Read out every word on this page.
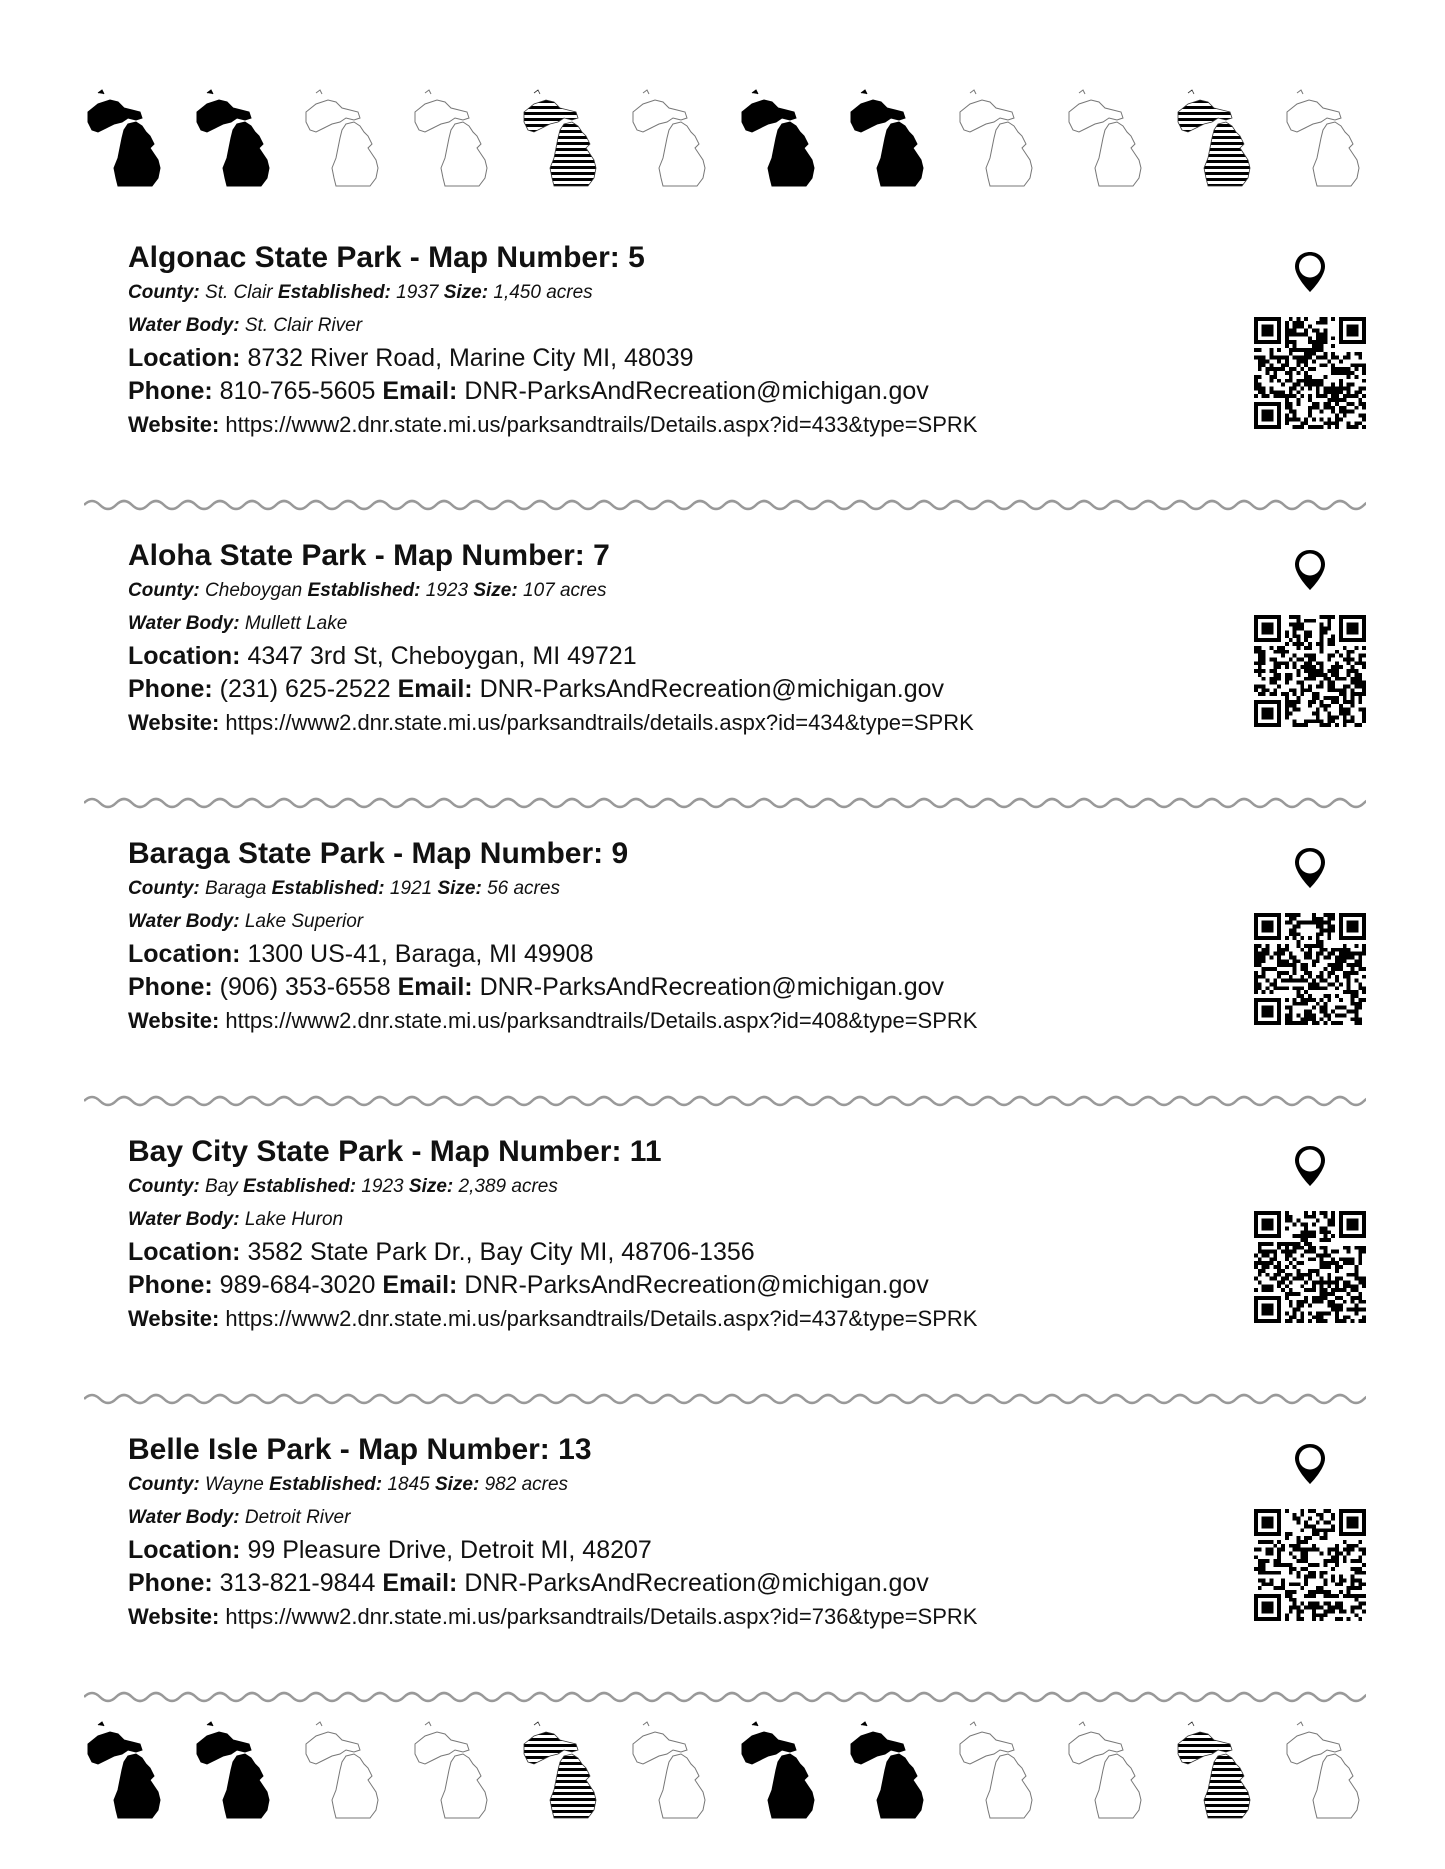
Algonac State Park - Map Number: 5
County: St. Clair Established: 1937 Size: 1,450 acres
Water Body: St. Clair River
Location: 8732 River Road, Marine City MI, 48039
Phone: 810-765-5605 Email: DNR-ParksAndRecreation@michigan.gov
Website: https://www2.dnr.state.mi.us/parksandtrails/Details.aspx?id=433&type=SPRK
Aloha State Park - Map Number: 7
County: Cheboygan Established: 1923 Size: 107 acres
Water Body: Mullett Lake
Location: 4347 3rd St, Cheboygan, MI 49721
Phone: (231) 625-2522 Email: DNR-ParksAndRecreation@michigan.gov
Website: https://www2.dnr.state.mi.us/parksandtrails/details.aspx?id=434&type=SPRK
Baraga State Park - Map Number: 9
County: Baraga Established: 1921 Size: 56 acres
Water Body: Lake Superior
Location: 1300 US-41, Baraga, MI 49908
Phone: (906) 353-6558 Email: DNR-ParksAndRecreation@michigan.gov
Website: https://www2.dnr.state.mi.us/parksandtrails/Details.aspx?id=408&type=SPRK
Bay City State Park - Map Number: 11
County: Bay Established: 1923 Size: 2,389 acres
Water Body: Lake Huron
Location: 3582 State Park Dr., Bay City MI, 48706-1356
Phone: 989-684-3020 Email: DNR-ParksAndRecreation@michigan.gov
Website: https://www2.dnr.state.mi.us/parksandtrails/Details.aspx?id=437&type=SPRK
Belle Isle Park - Map Number: 13
County: Wayne Established: 1845 Size: 982 acres
Water Body: Detroit River
Location: 99 Pleasure Drive, Detroit MI, 48207
Phone: 313-821-9844 Email: DNR-ParksAndRecreation@michigan.gov
Website: https://www2.dnr.state.mi.us/parksandtrails/Details.aspx?id=736&type=SPRK
